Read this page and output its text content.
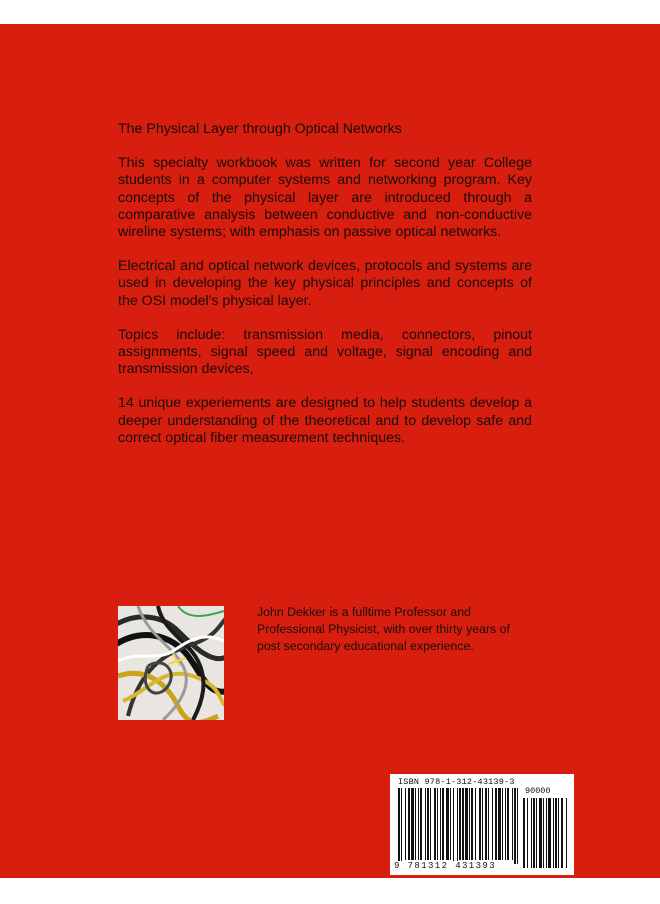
The Physical Layer through Optical Networks

This specialty workbook was written for second year College students in a computer systems and networking program. Key concepts of the physical layer are introduced through a comparative analysis between conductive and non-conductive wireline systems; with emphasis on passive optical networks.

Electrical and optical network devices, protocols and systems are used in developing the key physical principles and concepts of the OSI model's physical layer.

Topics include: transmission media, connectors, pinout assignments, signal speed and voltage, signal encoding and transmission devices,

14 unique experiements are designed to help students develop a deeper understanding of the theoretical and to develop safe and correct optical fiber measurement techniques.

John Dekker is a fulltime Professor and

Professional Physicist, with over thirty years of

post secondary educational experience.

ISBN 978-1-312-43139-3
90000
9 781312 431393
